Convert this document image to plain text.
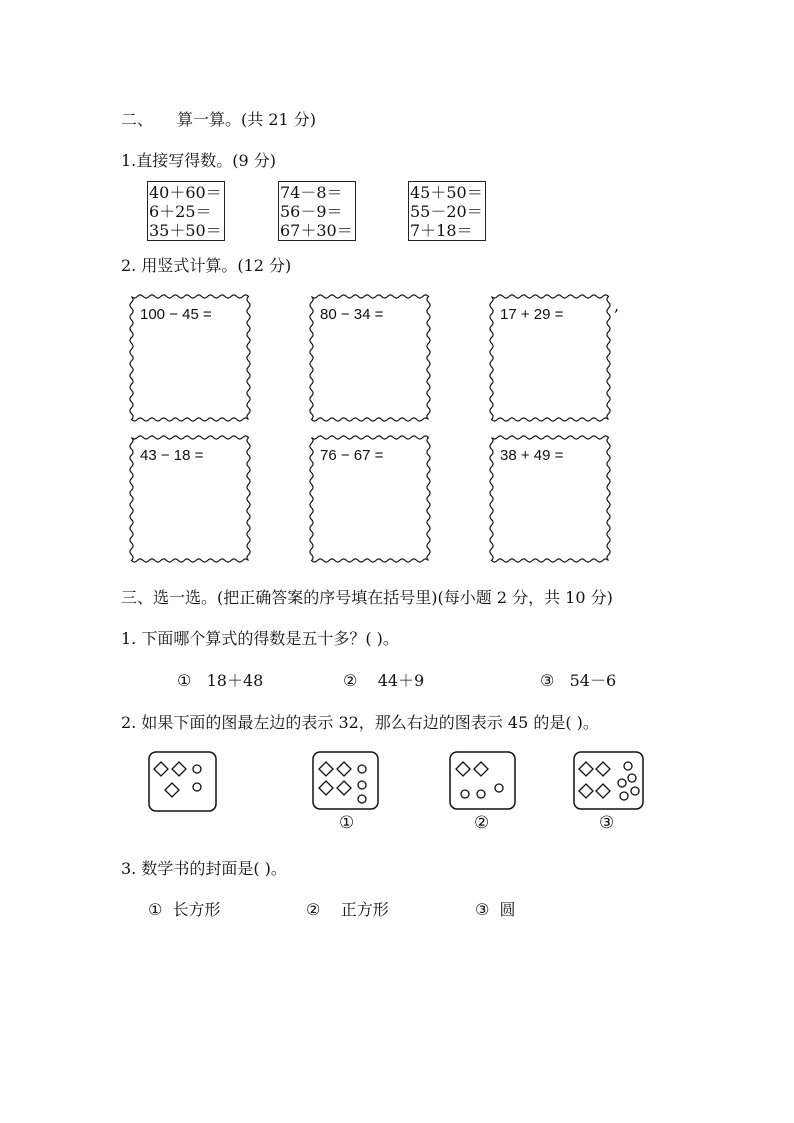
二、 算一算。(共 21 分)
1.直接写得数。(9 分)
40＋60＝
6＋25＝
35＋50＝
74－8＝
56－9＝
67＋30＝
45＋50＝
55－20＝
7＋18＝
2. 用竖式计算。(12 分)
100 − 45 =	80 − 34 =	17 + 29 =	,
43 − 18 =	76 − 67 =	38 + 49 =
三、选一选。(把正确答案的序号填在括号里)(每小题 2 分，共 10 分)
1. 下面哪个算式的得数是五十多？( )。
① 18＋48	② 44＋9	③ 54－6
2. 如果下面的图最左边的表示 32，那么右边的图表示 45 的是( )。
①	②	③
3. 数学书的封面是( )。
① 长方形	② 正方形	③ 圆
